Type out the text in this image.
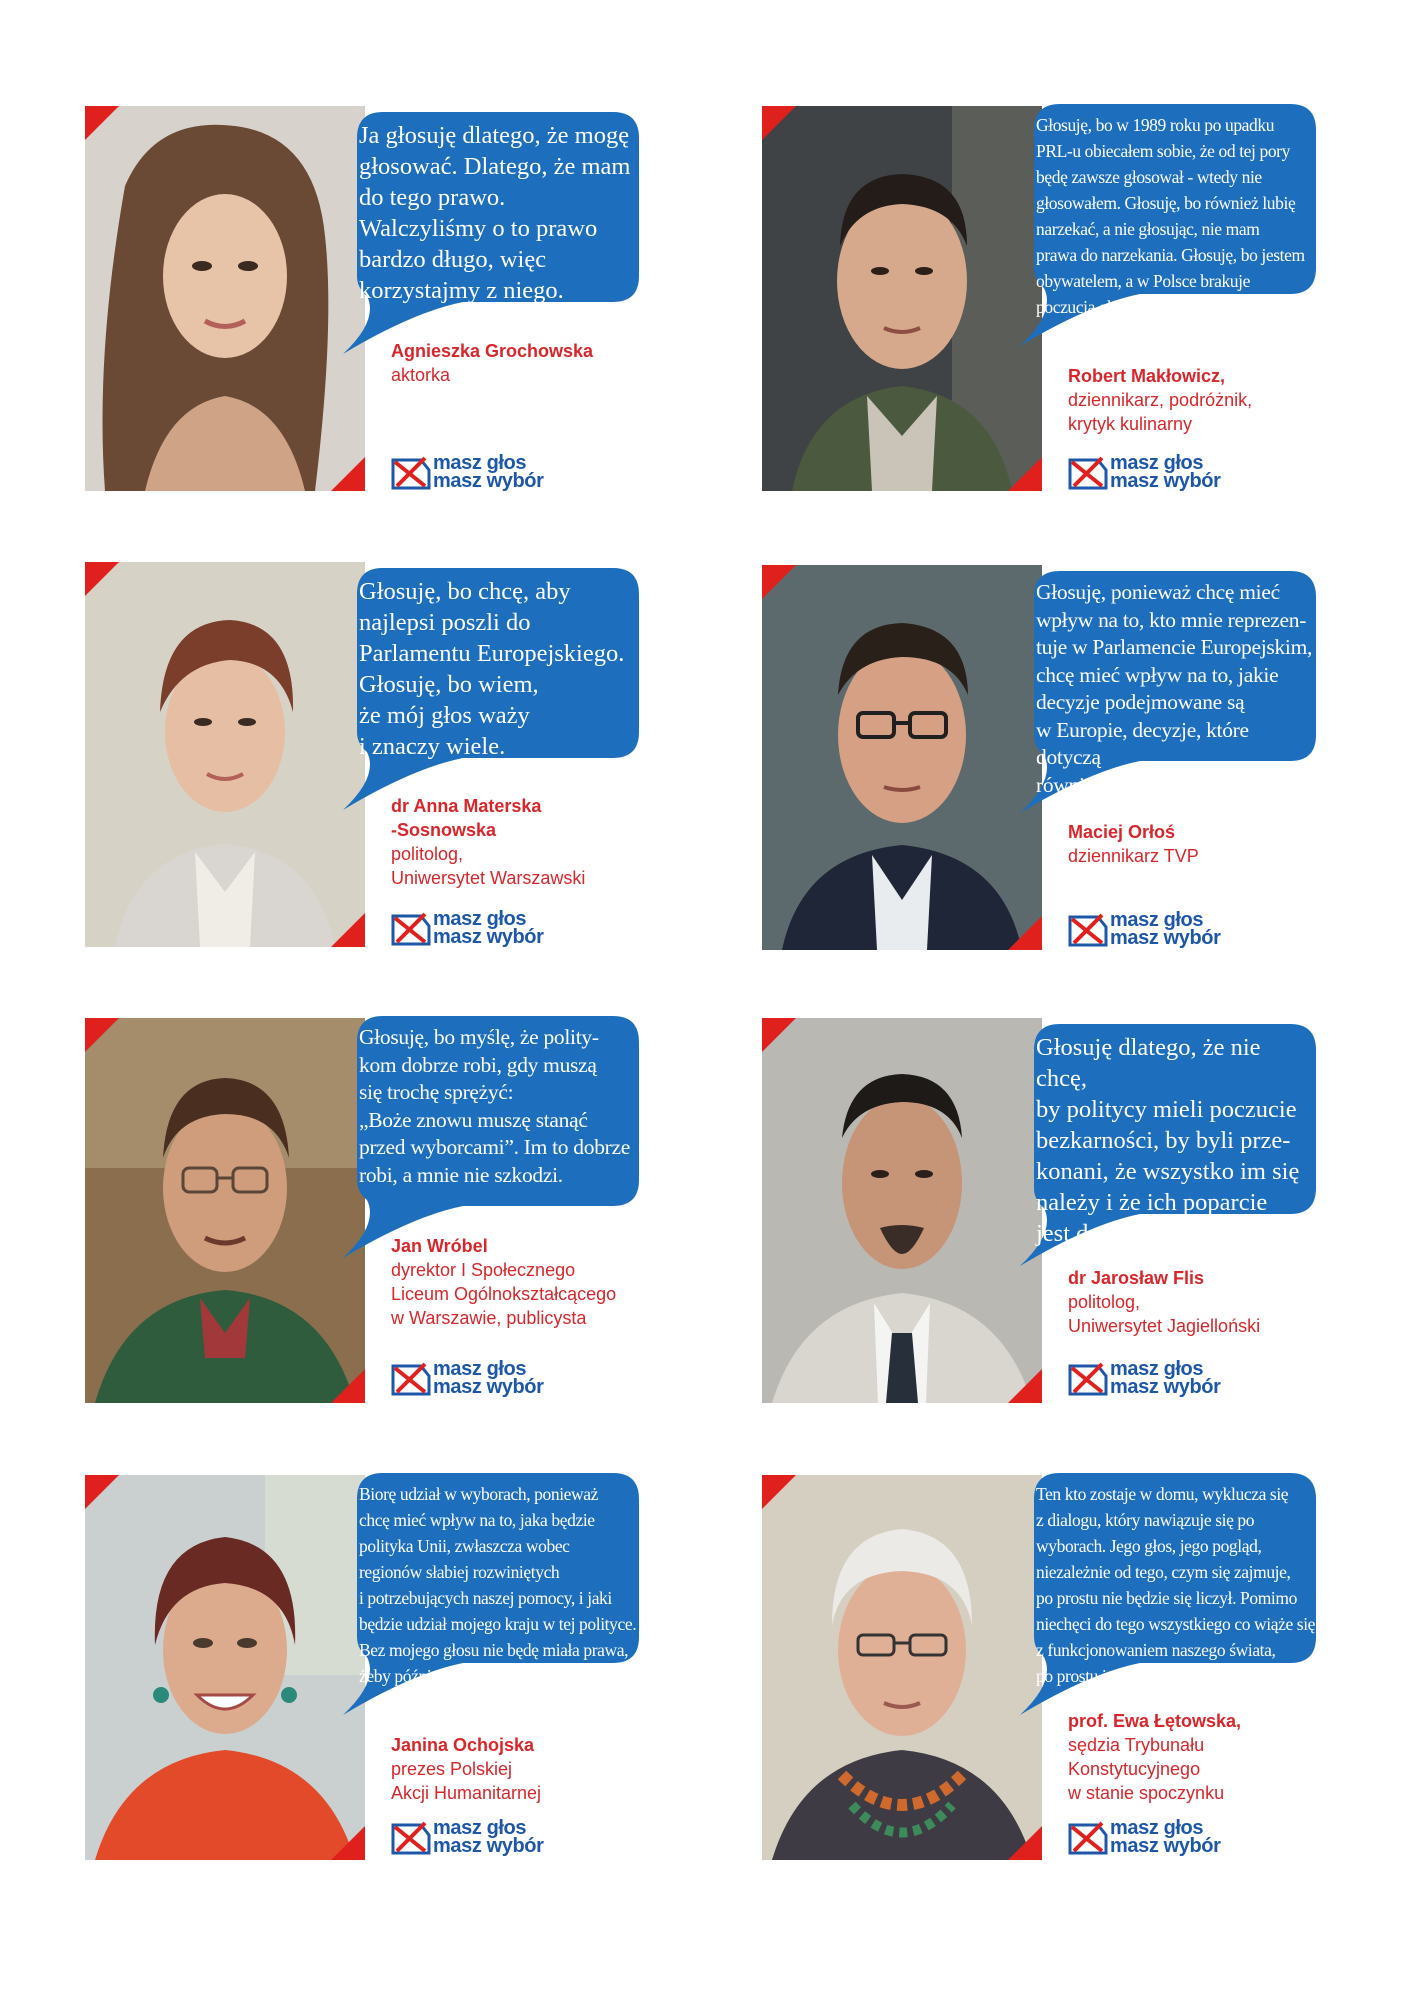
Ja głosuję dlatego, że mogę
głosować. Dlatego, że mam
do tego prawo.
Walczyliśmy o to prawo
bardzo długo, więc
korzystajmy z niego.
Agnieszka Grochowska
aktorka
masz głos
masz wybór
Głosuję, bo w 1989 roku po upadku
PRL-u obiecałem sobie, że od tej pory
będę zawsze głosował - wtedy nie
głosowałem. Głosuję, bo również lubię
narzekać, a nie głosując, nie mam
prawa do narzekania. Głosuję, bo jestem
obywatelem, a w Polsce brakuje
poczucia obywatelskości.
Robert Makłowicz,
dziennikarz, podróżnik,
krytyk kulinarny
masz głos
masz wybór
Głosuję, bo chcę, aby
najlepsi poszli do
Parlamentu Europejskiego.
Głosuję, bo wiem,
że mój głos waży
i znaczy wiele.
dr Anna Materska
-Sosnowska
politolog,
Uniwersytet Warszawski
masz głos
masz wybór
Głosuję, ponieważ chcę mieć
wpływ na to, kto mnie reprezen-
tuje w Parlamencie Europejskim,
chcę mieć wpływ na to, jakie
decyzje podejmowane są
w Europie, decyzje, które dotyczą
również mnie, mojego życia.
Maciej Orłoś
dziennikarz TVP
masz głos
masz wybór
Głosuję, bo myślę, że polity-
kom dobrze robi, gdy muszą
się trochę sprężyć:
„Boże znowu muszę stanąć
przed wyborcami”. Im to dobrze
robi, a mnie nie szkodzi.
Jan Wróbel
dyrektor I Społecznego
Liceum Ogólnokształcącego
w Warszawie, publicysta
masz głos
masz wybór
Głosuję dlatego, że nie chcę,
by politycy mieli poczucie
bezkarności, by byli prze-
konani, że wszystko im się
należy i że ich poparcie
jest dane raz na zawsze.
dr Jarosław Flis
politolog,
Uniwersytet Jagielloński
masz głos
masz wybór
Biorę udział w wyborach, ponieważ
chcę mieć wpływ na to, jaka będzie
polityka Unii, zwłaszcza wobec
regionów słabiej rozwiniętych
i potrzebujących naszej pomocy, i jaki
będzie udział mojego kraju w tej polityce.
Bez mojego głosu nie będę miała prawa,
żeby później tej politykę krytykować.
Janina Ochojska
prezes Polskiej
Akcji Humanitarnej
masz głos
masz wybór
Ten kto zostaje w domu, wyklucza się
z dialogu, który nawiązuje się po
wyborach. Jego głos, jego pogląd,
niezależnie od tego, czym się zajmuje,
po prostu nie będzie się liczył. Pomimo
niechęci do tego wszystkiego co wiąże się
z funkcjonowaniem naszego świata,
po prostu innego nie mamy.
prof. Ewa Łętowska,
sędzia Trybunału
Konstytucyjnego
w stanie spoczynku
masz głos
masz wybór
